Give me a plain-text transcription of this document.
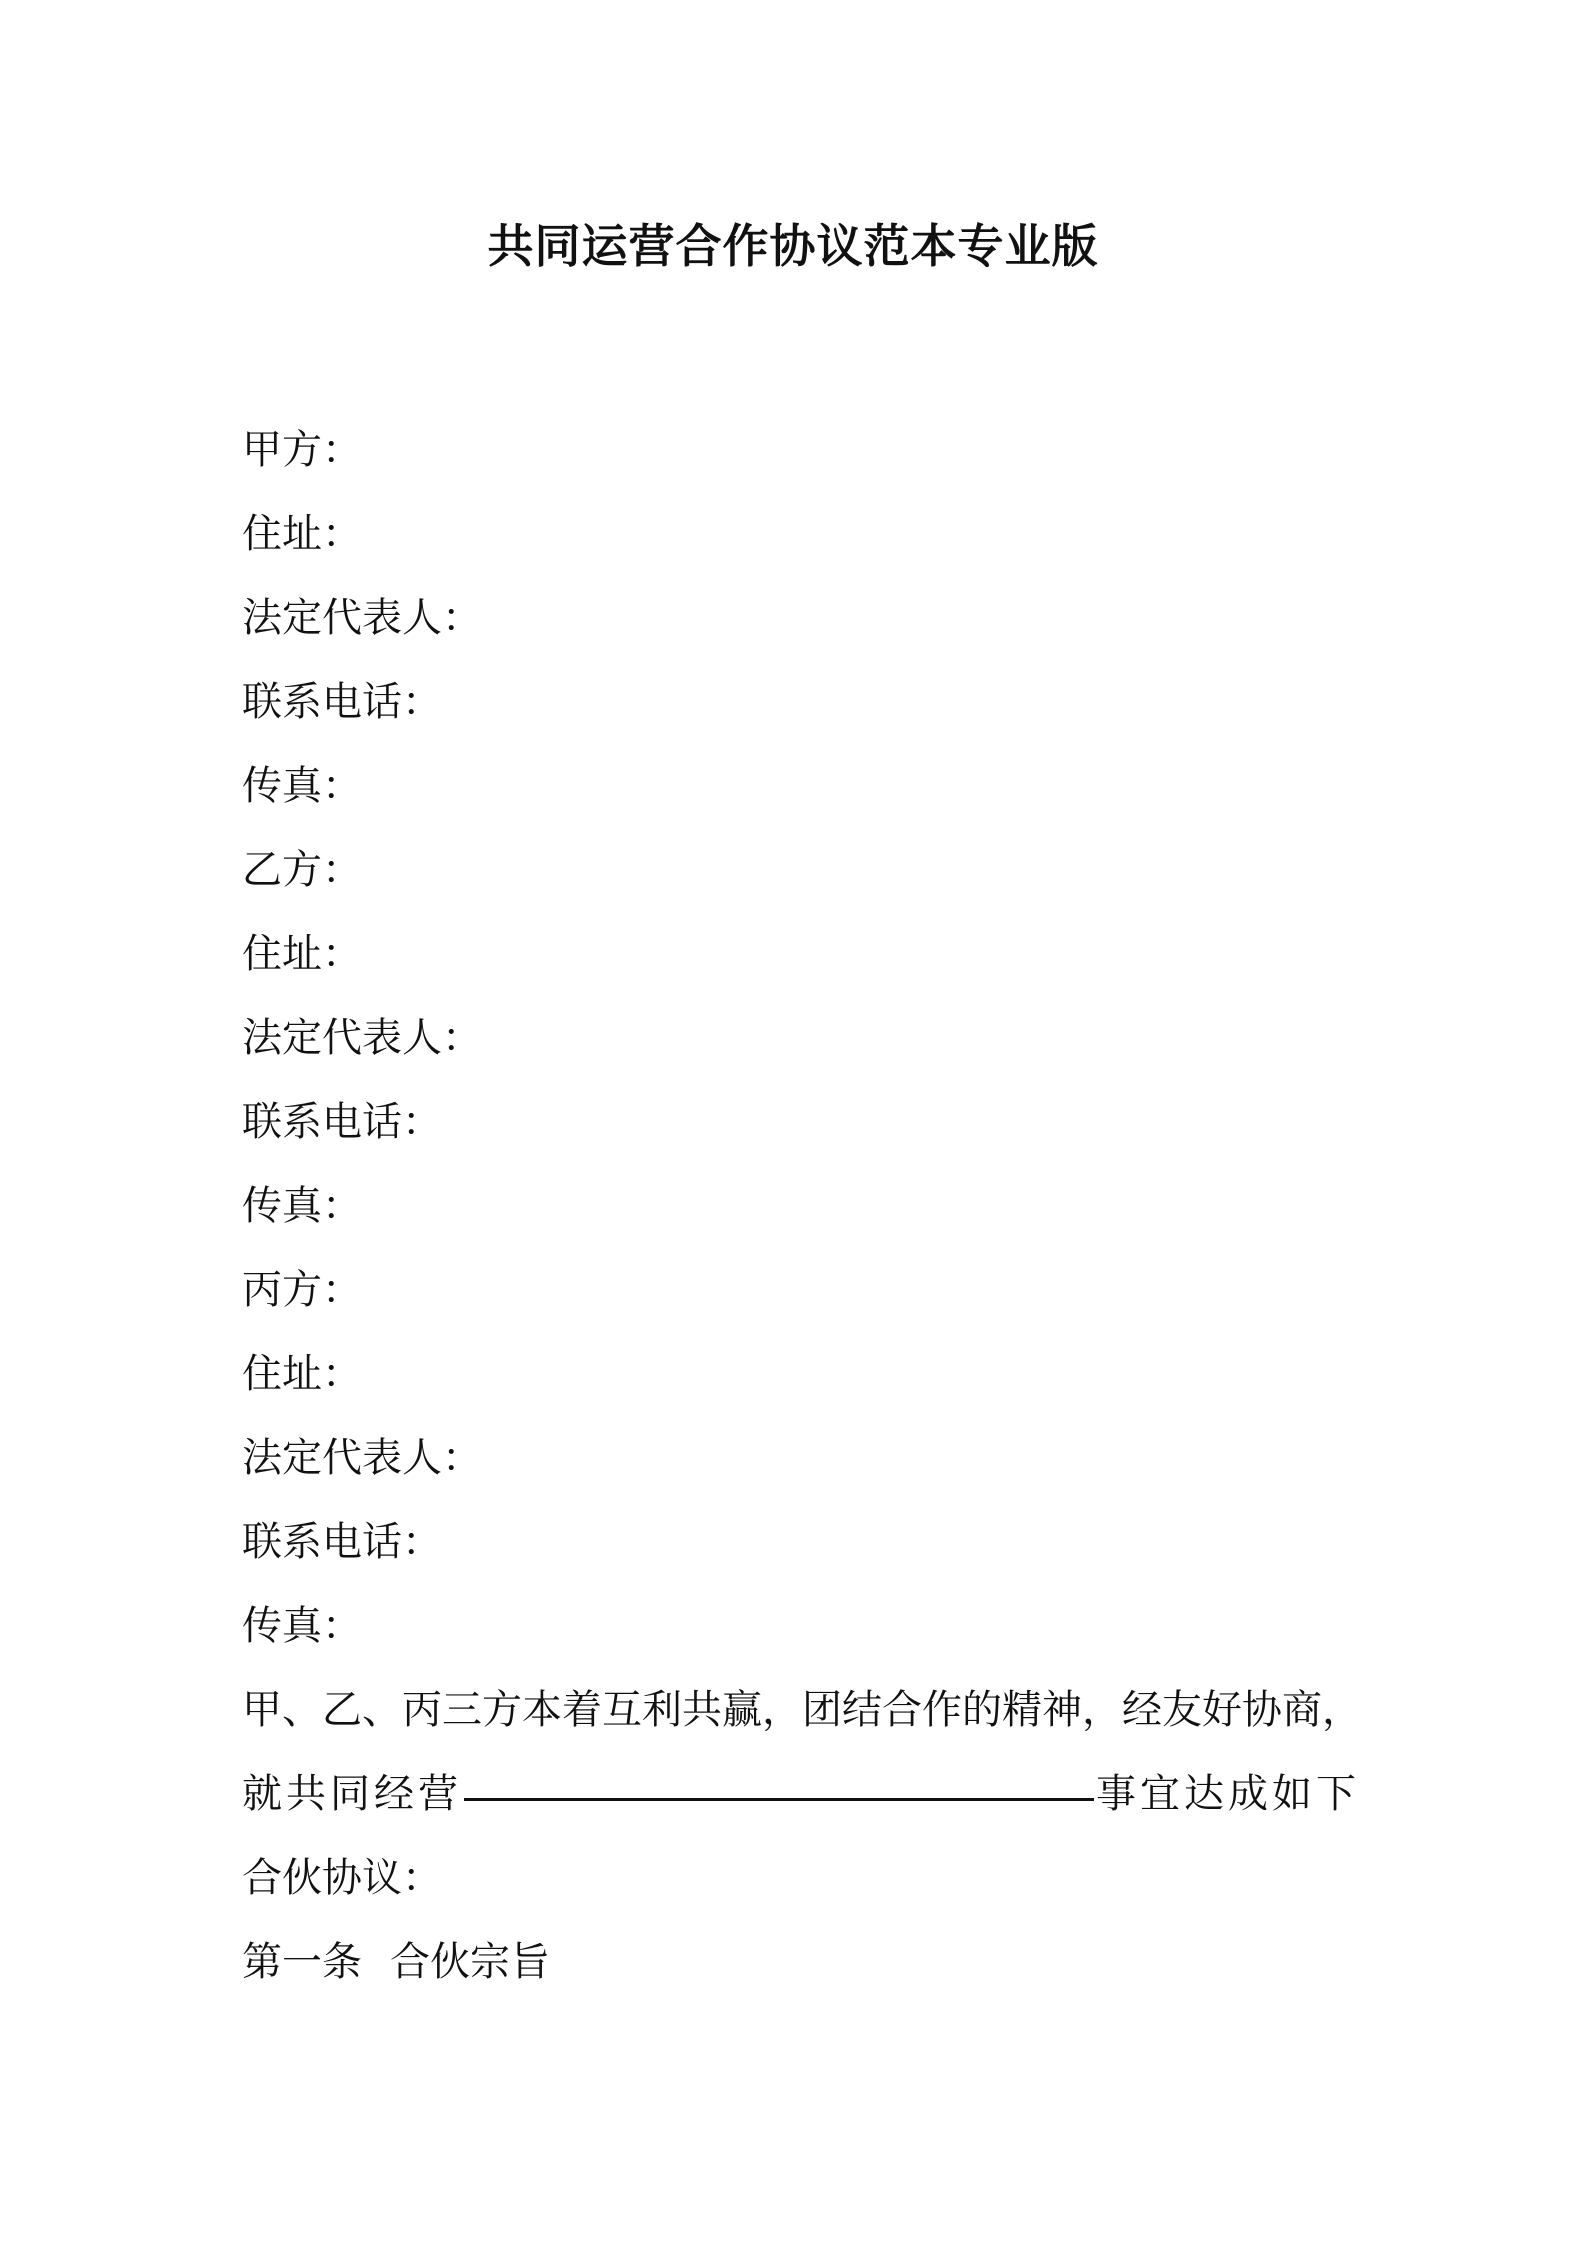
共同运营合作协议范本专业版

甲方：

住址：

法定代表人：

联系电话：

传真：

乙方：

住址：

法定代表人：

联系电话：

传真：

丙方：

住址：

法定代表人：

联系电话：

传真：

甲、乙、丙三方本着互利共赢，团结合作的精神，经友好协商，

就共同经营	事宜达成如下

合伙协议：

第一条 合伙宗旨
